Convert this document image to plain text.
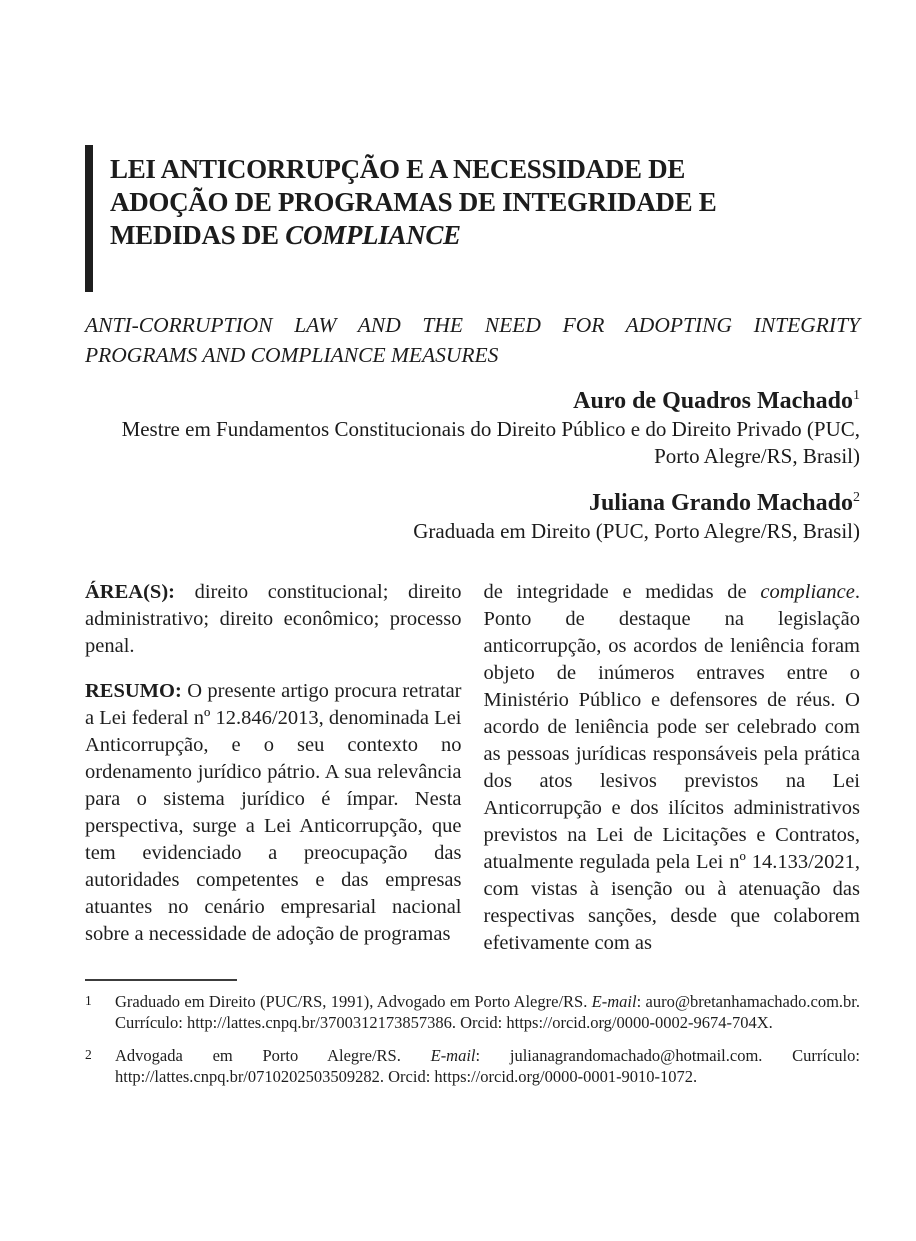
LEI ANTICORRUPÇÃO E A NECESSIDADE DE ADOÇÃO DE PROGRAMAS DE INTEGRIDADE E MEDIDAS DE COMPLIANCE
ANTI-CORRUPTION LAW AND THE NEED FOR ADOPTING INTEGRITY PROGRAMS AND COMPLIANCE MEASURES
Auro de Quadros Machado$^1$
Mestre em Fundamentos Constitucionais do Direito Público e do Direito Privado (PUC, Porto Alegre/RS, Brasil)
Juliana Grando Machado$^2$
Graduada em Direito (PUC, Porto Alegre/RS, Brasil)

ÁREA(S): direito constitucional; direito administrativo; direito econômico; processo penal.

RESUMO: O presente artigo procura retratar a Lei federal nº 12.846/2013, denominada Lei Anticorrupção, e o seu contexto no ordenamento jurídico pátrio. A sua relevância para o sistema jurídico é ímpar. Nesta perspectiva, surge a Lei Anticorrupção, que tem evidenciado a preocupação das autoridades competentes e das empresas atuantes no cenário empresarial nacional sobre a necessidade de adoção de programas

de integridade e medidas de compliance. Ponto de destaque na legislação anticorrupção, os acordos de leniência foram objeto de inúmeros entraves entre o Ministério Público e defensores de réus. O acordo de leniência pode ser celebrado com as pessoas jurídicas responsáveis pela prática dos atos lesivos previstos na Lei Anticorrupção e dos ilícitos administrativos previstos na Lei de Licitações e Contratos, atualmente regulada pela Lei nº 14.133/2021, com vistas à isenção ou à atenuação das respectivas sanções, desde que colaborem efetivamente com as

1	Graduado em Direito (PUC/RS, 1991), Advogado em Porto Alegre/RS. E-mail: auro@bretanhamachado.com.br. Currículo: http://lattes.cnpq.br/3700312173857386. Orcid: https://orcid.org/0000-0002-9674-704X.

2	Advogada em Porto Alegre/RS. E-mail: julianagrandomachado@hotmail.com. Currículo: http://lattes.cnpq.br/0710202503509282. Orcid: https://orcid.org/0000-0001-9010-1072.
